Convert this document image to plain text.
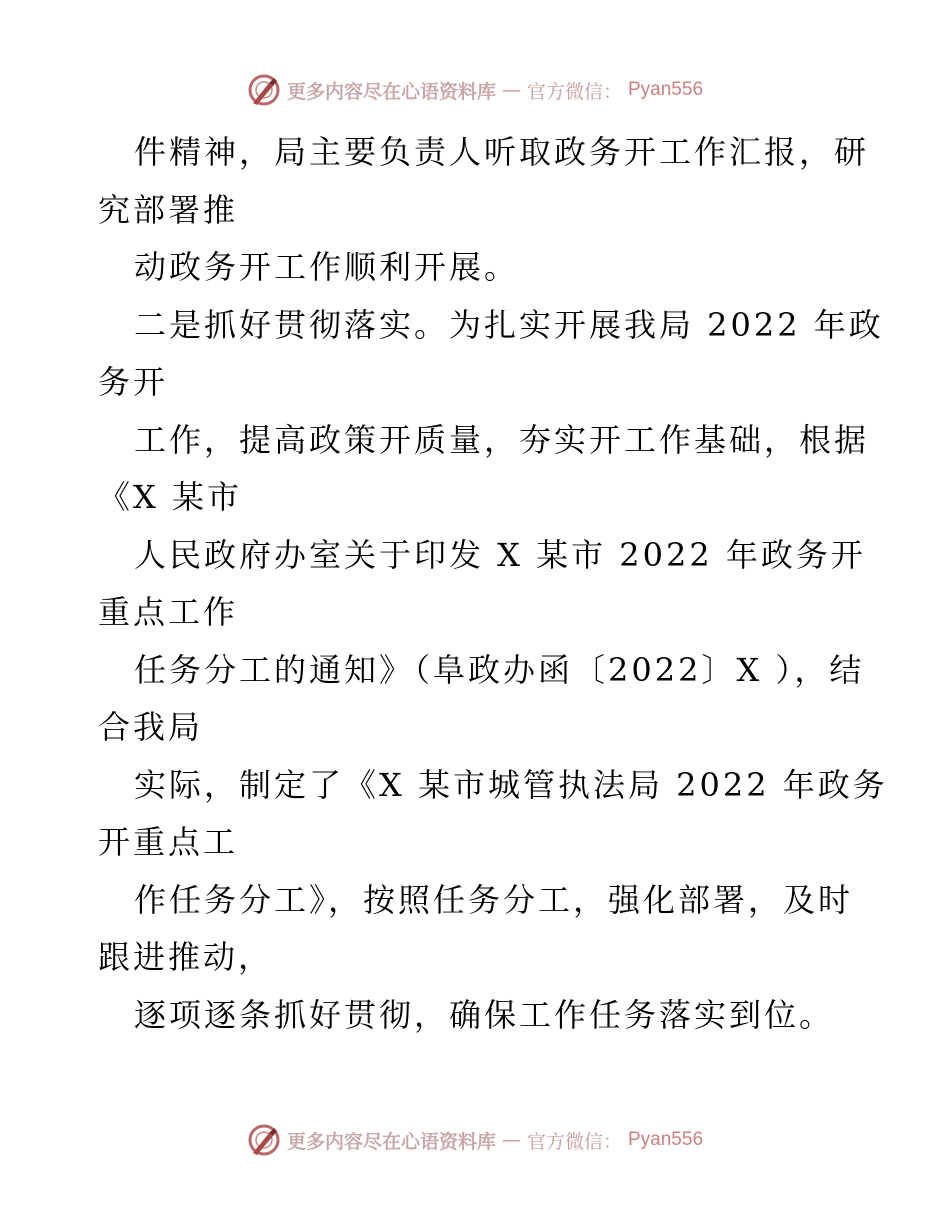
更多内容尽在心语资料库 — 官方微信： Pyan556

件精神，局主要负责人听取政务开工作汇报，研
究部署推

动政务开工作顺利开展。

二是抓好贯彻落实。为扎实开展我局 2022 年政
务开

工作，提高政策开质量，夯实开工作基础，根据
《X 某市

人民政府办室关于印发 X 某市 2022 年政务开
重点工作

任务分工的通知》（阜政办函〔2022〕X ），结
合我局

实际，制定了《X 某市城管执法局 2022 年政务
开重点工

作任务分工》，按照任务分工，强化部署，及时
跟进推动，

逐项逐条抓好贯彻，确保工作任务落实到位。

更多内容尽在心语资料库 — 官方微信： Pyan556
